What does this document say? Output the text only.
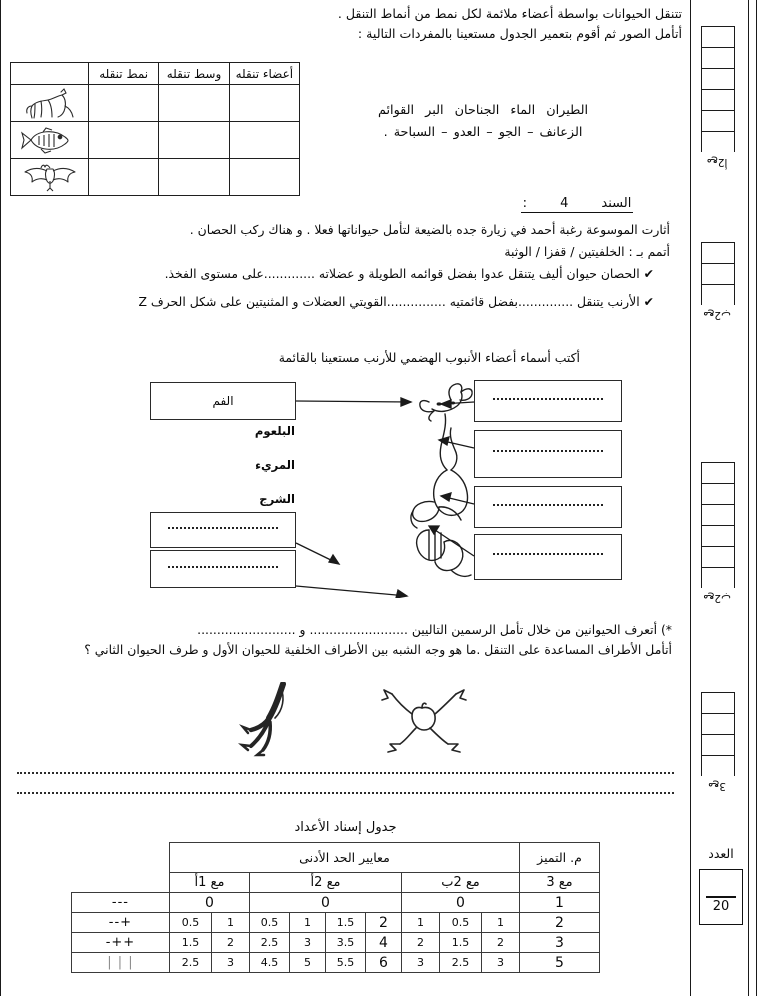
تتنقل الحيوانات بواسطة أعضاء ملائمة لكل نمط من أنماط التنقل .
أتأمل الصور ثم أقوم بتعمير الجدول مستعينا بالمفردات التالية :
الطيران الماء الجناحان البر القوائم
الزعانف – الجو – العدو – السباحة .
أعضاء تنقله	وسط تنقله	نمط تنقله	

السند        4        :
أثارت الموسوعة رغبة أحمد في زيارة جده بالضيعة لتأمل حيواناتها فعلا . و هناك ركب الحصان .
أتمم بـ : الخلفيتين / قفزا / الوثبة
✔ الحصان حيوان أليف يتنقل عدوا بفضل قوائمه الطويلة و عضلاته .............على مستوى الفخذ.
✔ الأرنب يتنقل ..............بفضل قائمتيه ...............القويتي العضلات و المثنيتين على شكل الحرف Z
أكتب أسماء أعضاء الأنبوب الهضمي للأرنب مستعينا بالقائمة
البلعوم
المريء
الشرج
الفم
*) أتعرف الحيوانين من خلال تأمل الرسمين التاليين ......................... و .........................
أتأمل الأطراف المساعدة على التنقل .ما هو وجه الشبه بين الأطراف الخلفية للحيوان الأول و طرف الحيوان الثاني ؟
جدول إسناد الأعداد
م. التميز	معايير الحد الأدنى									
مع 3	مع 2ب			مع 2أ				مع 1أ		
1	0			0				0		---
2	1	0.5	1	2	1.5	1	0.5	1	0.5	+--
3	2	1.5	2	4	3.5	3	2.5	2	1.5	++-
5	3	2.5	3	6	5.5	5	4.5	3	2.5	| | |
مع2أ
مع2ب
مع2ب
مع3
العدد
20
